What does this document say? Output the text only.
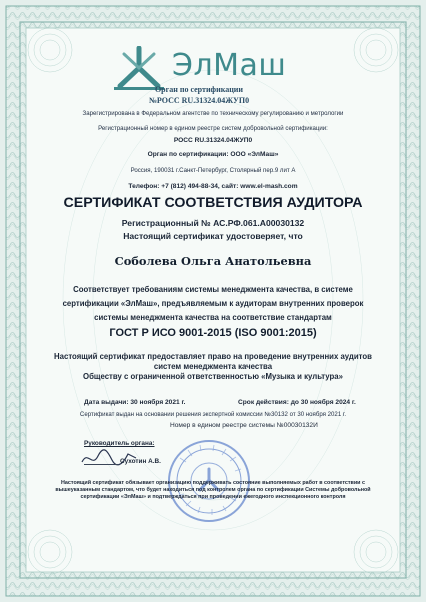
ЭлМаш
Орган по сертификации
№РОСС RU.31324.04ЖУП0
Зарегистрирована в Федеральном агентстве по техническому регулированию и метрологии
Регистрационный номер в едином реестре систем добровольной сертификации:
РОСС RU.31324.04ЖУП0
Орган по сертификации: ООО «ЭлМаш»
Россия, 190031 г.Санкт-Петербург, Столярный пер.9 лит А
Телефон: +7 (812) 494-88-34, сайт: www.el-mash.com
СЕРТИФИКАТ СООТВЕТСТВИЯ АУДИТОРА
Регистрационный № АС.РФ.061.А00030132
Настоящий сертификат удостоверяет, что
Соболева Ольга Анатольевна
Соответствует требованиям системы менеджмента качества, в системе
сертификации «ЭлМаш», предъявляемым к аудиторам внутренних проверок
системы менеджмента качества на соответствие стандартам
ГОСТ Р ИСО 9001-2015 (ISO 9001:2015)
Настоящий сертификат предоставляет право на проведение внутренних аудитов
систем менеджмента качества
Обществу с ограниченной ответственностью «Музыка и культура»
Дата выдачи: 30 ноября 2021 г.	Срок действия: до 30 ноября 2024 г.
Сертификат выдан на основании решения экспертной комиссии №30132 от 30 ноября 2021 г.
Номер в едином реестре системы №00030132И
Руководитель органа:
Сухотин А.В.
Настоящий сертификат обязывает организацию поддерживать состояние выполняемых работ в соответствии с вышеуказанным стандартом, что будет находиться под контролем органа по сертификации Системы добровольной сертификации «ЭлМаш» и подтверждаться при проведении ежегодного инспекционного контроля
